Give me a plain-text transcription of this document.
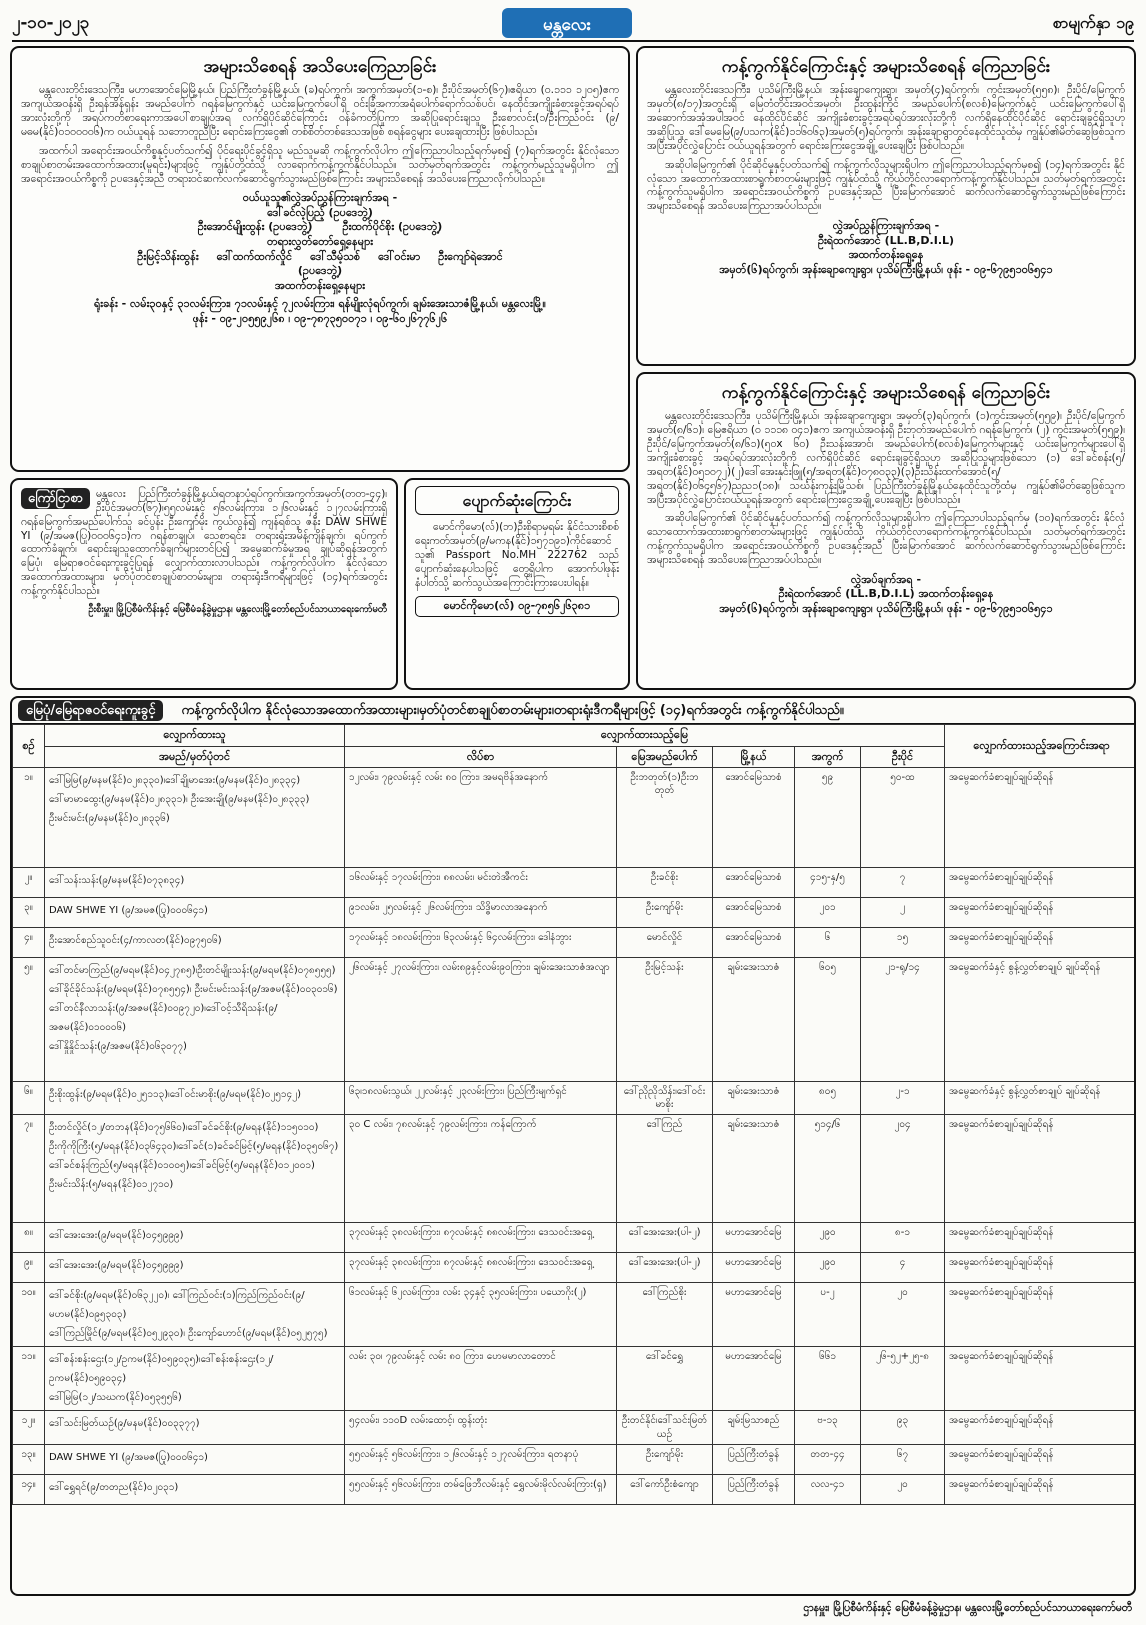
၂-၁၀-၂၀၂၃	မန္တလေး	စာမျက်နှာ ၁၉
အများသိစေရန် အသိပေးကြေညာခြင်း

မန္တလေးတိုင်းဒေသကြီး၊ မဟာအောင်မြေမြို့နယ်၊ ပြည်ကြီးတံခွန်မြို့နယ်၊ (ခ)ရပ်ကွက်၊ အကွက်အမှတ်(၁-စ)၊ ဦးပိုင်အမှတ်(၆၇)၊ဧရိယာ (၀.၁၁၁ ၁၂၀၅)ဧက အကျယ်အဝန်းရှိ ဦးရန်အိန်ရှန်း အမည်ပေါက် ဂရန်မြေကွက်နှင့် ယင်းမြေကွက်ပေါ်ရှိ ဝင်းခြံအကာအရံပေါက်ရောက်သစ်ပင်၊ နေထိုင်အကျိုးခံစားခွင့်အရပ်ရပ်အားလုံးတို့ကို အရပ်ကတိစာရေးကာအပေါ်စာချုပ်အရ လက်ရှိပိုင်ဆိုင်ကြောင်း ဝန်ခံကတိပြုကာ အဆိုပြုရောင်းချသူ ဦးစောလင်း(၁/ဦးကြည်ဝင်း (၉/မဓမ(နိုင်)၀၁၀၀၀၀၆)က ဝယ်ယူရန် သဘောတူညီပြီး ရောင်းကြေးငွေ၏ တစ်စိတ်တစ်ဒေသအဖြစ် စရန်ငွေများ ပေးချေထားပြီး ဖြစ်ပါသည်။

အထက်ပါ အရောင်းအဝယ်ကိစ္စနှင့်ပတ်သက်၍ ပိုင်ရေးပိုင်ခွင့်ရှိသူ မည်သူမဆို ကန့်ကွက်လိုပါက ဤကြေညာပါသည့်ရက်မှစ၍ (၇)ရက်အတွင်း နိုင်လုံသောစာချုပ်စာတမ်းအထောက်အထား(မူရင်း)များဖြင့် ကျွန်ုပ်တို့ထံသို့ လာရောက်ကန့်ကွက်နိုင်ပါသည်။ သတ်မှတ်ရက်အတွင်း ကန့်ကွက်မည့်သူမရှိပါက ဤအရောင်းအဝယ်ကိစ္စကို ဥပဒေနှင့်အညီ တရားဝင်ဆက်လက်ဆောင်ရွက်သွားမည်ဖြစ်ကြောင်း အများသိစေရန် အသိပေးကြေညာလိုက်ပါသည်။

ဝယ်ယူသူ၏လွှဲအပ်ညွှန်ကြားချက်အရ -
ဒေါ်ခင်လဲ့ပြည့် (ဥပဒေဘွဲ့)
ဦးအောင်မျိုးထွန်း (ဥပဒေဘွဲ့)	ဦးထက်ပိုင်စိုး (ဥပဒေဘွဲ့)
တရားလွှတ်တော်ရှေ့နေများ
ဦးမြင့်သိန်းထွန်း ဒေါ်ထက်ထက်လှိုင် ဒေါ်သီမ့်သစ် ဒေါ်ဝင်းမာ ဦးကျော်ရဲအောင်
(ဥပဒေဘွဲ့)
အထက်တန်းရှေ့နေများ
ရုံးခန်း - လမ်း၃၀နှင့် ၃၁လမ်းကြား၊ ၇၁လမ်းနှင့် ၇၂လမ်းကြား၊ ရန်မျိုးလုံရပ်ကွက်၊ ချမ်းအေးသာဇံမြို့နယ်၊ မန္တလေးမြို့။
ဖုန်း - ၀၉-၂၀၅၅၉၂၆၈ ၊ ၀၉-၇၈၇၃၅၀၀၇၁ ၊ ၀၉-၆၀၂၆၇၇၆၂၆
ကန့်ကွက်နိုင်ကြောင်းနှင့် အများသိစေရန် ကြေညာခြင်း

မန္တလေးတိုင်းဒေသကြီး၊ ပုသိမ်ကြီးမြို့နယ်၊ အုန်းချောကျေးရွာ၊ အမှတ်(၄)ရပ်ကွက်၊ ကွင်းအမှတ်(၅၅၈)၊ ဦးပိုင်/မြေကွက်အမှတ်(၈/၁၇)အတွင်းရှိ မြေတံတိုင်းအဝင်အမှတ်၊ ဦးထွန်းကြိုင် အမည်ပေါက်(စလစ်)မြေကွက်နှင့် ယင်းမြေကွက်ပေါ်ရှိ အဆောက်အအုံအပါအဝင် နေထိုင်ပိုင်ဆိုင် အကျိုးခံစားခွင့်အရပ်ရပ်အားလုံးတို့ကို လက်ရှိနေထိုင်ပိုင်ဆိုင် ရောင်းချခွင့်ရှိသူဟု အဆိုပြုသူ ဒေါ်မေမြေ(၉/ပသက(နိုင်)၁၁၆၀၆၃)အမှတ်(၅)ရပ်ကွက်၊ အုန်းချောရွာတွင်နေထိုင်သူထံမှ ကျွန်ုပ်၏မိတ်ဆွေဖြစ်သူက အပြီးအပိုင်လွှဲပြောင်း ဝယ်ယူရန်အတွက် ရောင်းကြေးငွေအချို့ ပေးချေပြီး ဖြစ်ပါသည်။

အဆိုပါမြေကွက်၏ ပိုင်ဆိုင်မှုနှင့်ပတ်သက်၍ ကန့်ကွက်လိုသူများရှိပါက ဤကြေညာပါသည့်ရက်မှစ၍ (၁၄)ရက်အတွင်း နိုင်လုံသော အထောက်အထားစာရွက်စာတမ်းများဖြင့် ကျွန်ုပ်ထံသို့ ကိုယ်တိုင်လာရောက်ကန့်ကွက်နိုင်ပါသည်။ သတ်မှတ်ရက်အတွင်း ကန့်ကွက်သူမရှိပါက အရောင်းအဝယ်ကိစ္စကို ဥပဒေနှင့်အညီ ပြီးမြောက်အောင် ဆက်လက်ဆောင်ရွက်သွားမည်ဖြစ်ကြောင်း အများသိစေရန် အသိပေးကြေညာအပ်ပါသည်။

လွှဲအပ်ညွှန်ကြားချက်အရ -
ဦးရဲထက်အောင် (LL.B,D.I.L)
အထက်တန်းရှေ့နေ
အမှတ်(၆)ရပ်ကွက်၊ အုန်းချောကျေးရွာ၊ ပုသိမ်ကြီးမြို့နယ်၊ ဖုန်း - ၀၉-၆၇၉၅၁၀၆၅၄၁
ကန့်ကွက်နိုင်ကြောင်းနှင့် အများသိစေရန် ကြေညာခြင်း

မန္တလေးတိုင်းဒေသကြီး၊ ပုသိမ်ကြီးမြို့နယ်၊ အုန်းချောကျေးရွာ၊ အမှတ်(၃)ရပ်ကွက်၊ (၁)ကွင်းအမှတ်(၅၅၉)၊ ဦးပိုင်/မြေကွက်အမှတ်(၈/၆၁)၊ မြေဧရိယာ (၀ ၁၁၁၈ ၀၄၁)ဧက အကျယ်အဝန်းရှိ ဦးဘုတ်အမည်ပေါက် ဂရန်မြေကွက်၊ (၂) ကွင်းအမှတ်(၅၅၉)၊ ဦးပိုင်/မြေကွက်အမှတ်(၈/၆၁)(၅၀x ၆၀) ဦးသန်းအောင်၊ အမည်ပေါက်(စလစ်)မြေကွက်များနှင့် ယင်းမြေကွက်များပေါ်ရှိ အကျိုးခံစားခွင့် အရပ်ရပ်အားလုံးတို့ကို လက်ရှိပိုင်ဆိုင် ရောင်းချခွင့်ရှိသူဟု အဆိုပြုသူများဖြစ်သော (၁) ဒေါ်ခင်စန်း(၅/အရတ(နိုင်)၀၅၁၀၇၂)(၂)ဒေါ်အေးနှင်းဖြူ(၅/အရတ(နိုင်)၀၇၈၀၃၃)(၃)ဦးသိန်းထက်အောင်(၅/အရတ(နိုင်)၀၆၄၅၆၇)ညည၁(၁၈)၊ သင်္ဃန်းကုန်းမြို့သစ်၊ ပြည်ကြီးတံခွန်မြို့နယ်နေထိုင်သူတို့ထံမှ ကျွန်ုပ်၏မိတ်ဆွေဖြစ်သူက အပြီးအပိုင်လွှဲပြောင်းဝယ်ယူရန်အတွက် ရောင်းကြေးငွေအချို့ ပေးချေပြီး ဖြစ်ပါသည်။

အဆိုပါမြေကွက်၏ ပိုင်ဆိုင်မှုနှင့်ပတ်သက်၍ ကန့်ကွက်လိုသူများရှိပါက ဤကြေညာပါသည့်ရက်မှ (၁၀)ရက်အတွင်း နိုင်လုံသောထောက်အထားစာရွက်စာတမ်းများဖြင့် ကျွန်ုပ်ထံသို့ ကိုယ်တိုင်လာရောက်ကန့်ကွက်နိုင်ပါသည်။ သတ်မှတ်ရက်အတွင်း ကန့်ကွက်သူမရှိပါက အရောင်းအဝယ်ကိစ္စကို ဥပဒေနှင့်အညီ ပြီးမြောက်အောင် ဆက်လက်ဆောင်ရွက်သွားမည်ဖြစ်ကြောင်း အများသိစေရန် အသိပေးကြေညာအပ်ပါသည်။

လွှဲအပ်ချက်အရ -
ဦးရဲထက်အောင် (LL.B,D.I.L) အထက်တန်းရှေ့နေ
အမှတ်(၆)ရပ်ကွက်၊ အုန်းချောကျေးရွာ၊ ပုသိမ်ကြီးမြို့နယ်၊ ဖုန်း - ၀၉-၆၇၉၅၁၀၆၅၄၁
ကြော်ငြာစာ	မန္တလေး ပြည်ကြီးတံခွန်မြို့နယ်၊ရတနာပုံရပ်ကွက်၊အကွက်အမှတ်(တတ-၄၄)၊ ဦးပိုင်အမှတ်(၆၇)၊၅၅လမ်းနှင့် ၅၆လမ်းကြား၊ ၁၂၆လမ်းနှင့် ၁၂၇လမ်းကြားရှိ ဂရန်မြေကွက်အမည်ပေါက်သူ ခင်ပွန်း ဦးကျော်မိုး ကွယ်လွန်၍ ကျန်ရစ်သူ ဇနီး DAW SHWE YI (၉/အမဇ(ပြု)၀၀၀၆၄၁)က ဂရန်စာချုပ်၊ သေစာရင်း၊ တရားရုံးအမိန့်ကျိန်ချက်၊ ရပ်ကွက်ထောက်ခံချက်၊ ရောင်းချသူထောက်ခံချက်များတင်ပြ၍ အမွေဆက်ခံမှုအရ ချုပ်ဆိုရန်အတွက် မြေပုံ၊ မြေရာဇဝင်ရေးကူးခွင့်ပြုရန် လျှောက်ထားလာပါသည်။ ကန့်ကွက်လိုပါက နိုင်လုံသော အထောက်အထားများ၊ မှတ်ပုံတင်စာချုပ်စာတမ်းများ၊ တရားရုံးဒီကရီများဖြင့် (၁၄)ရက်အတွင်း ကန့်ကွက်နိုင်ပါသည်။

ဦးစီးမှူး၊ မြို့ပြစီမံကိန်းနှင့် မြေစီမံခန့်ခွဲမှုဌာန၊ မန္တလေးမြို့တော်စည်ပင်သာယာရေးကော်မတီ
ပျောက်ဆုံးကြောင်း

မောင်ကိုမော(လ်)(ဘ)ဦးစိုရာမှရမ်း နိုင်ငံသားစိစစ်ရေးကတ်အမှတ်(၉/မကန(နိုင်)၁၅၇၁၉၁)ကိုင်ဆောင်သူ၏ Passport No.MH 222762 သည် ပျောက်ဆုံးနေပါသဖြင့် တွေ့ရှိပါက အောက်ပါဖုန်းနံပါတ်သို့ ဆက်သွယ်အကြောင်းကြားပေးပါရန်။

မောင်ကိုမော(လ်) ၀၉-၇၈၅၆၂၆၃၈၁
မြေပုံ/မြေရာဇဝင်ရေးကူးခွင့်	ကန့်ကွက်လိုပါက နိုင်လုံသောအထောက်အထားများ၊မှတ်ပုံတင်စာချုပ်စာတမ်းများ၊တရားရုံးဒီကရီများဖြင့် (၁၄)ရက်အတွင်း ကန့်ကွက်နိုင်ပါသည်။
စဉ်	လျှောက်ထားသူ	လျှောက်ထားသည့်မြေ					လျှောက်ထားသည့်အကြောင်းအရာ
	အမည်/မှတ်ပုံတင်	လိပ်စာ	မြေအမည်ပေါက်	မြို့နယ်	အကွက်	ဦးပိုင်	
၁။	ဒေါ်မြမြ(၉/မနမ(နိုင်)၀၂၈၃၃၀)၊ဒေါ်ချိုမာအေး(၉/မနမ(နိုင်)၀၂၈၃၃၄)
ဒေါ်မာမာထွေး(၉/မနမ(နိုင်)၀၂၈၃၃၁)၊ ဦးအေးချို(၉/မနမ(နိုင်)၀၂၈၃၃၃)
ဦးမင်းမင်း(၉/မနမ(နိုင်)၀၂၈၃၃၆)	၁၂လမ်း၊ ၇၉လမ်းနှင့် လမ်း ၈၀ ကြား၊ အမရဗိန်အနောက်	ဦးဘတုတ်(၁)ဦးဘတုတ်	အောင်မြေသာစံ	၅၉	၅၀-ထ	အမွေဆက်ခံစာချုပ်ချုပ်ဆိုရန်
၂။	ဒေါ်သန်းသန်း(၉/မနမ(နိုင်)၀၇၃၈၃၄)	၁၆လမ်းနှင့် ၁၇လမ်းကြား၊ ၈၈လမ်း၊ မင်းတဲအီကင်း	ဦးခင်စိုး	အောင်မြေသာစံ	၄၁၅-နှ/၅	၇	အမွေဆက်ခံစာချုပ်ချုပ်ဆိုရန်
၃။	DAW SHWE YI (၉/အမဇ(ပြု)၀၀၀၆၄၁)	၉၁လမ်း၊ ၂၅လမ်းနှင့် ၂၆လမ်းကြား၊ သိဒ္ဓိမာလာအနောက်	ဦးကျော်မိုး	အောင်မြေသာစံ	၂၀၁	၂	အမွေဆက်ခံစာချုပ်ချုပ်ဆိုရန်
၄။	ဦးအောင်စည်သူဝင်း(၄/ကာလတ(နိုင်)၀၉၇၅၀၆)	၁၇လမ်းနှင့် ၁၈လမ်းကြား၊ ၆၃လမ်းနှင့် ၆၄လမ်းကြား၊ ဒေါနံဘွား	မောင်လှိုင်	အောင်မြေသာစံ	၆	၁၅	အမွေဆက်ခံစာချုပ်ချုပ်ဆိုရန်
၅။	ဒေါ်တင်မာကြည်(၉/မရမ(နိုင်)၀၄၂၇၈၅)၊ဦးတင်မျိုးသန်း(၉/မရမ(နိုင်)၀၇၈၅၅၅)
ဒေါ်ခိုင်ခိုင်သန်း(၉/မရမ(နိုင်)၀၇၈၅၅၄)၊ ဦးမင်းမင်းသန်း(၉/အဇမ(နိုင်)၀၀၃၀၁၆)
ဒေါ်တင်နီလာသန်း(၉/အဇမ(နိုင်)၀၀၉၇၂၀)၊ဒေါ်ဝင့်သီရိသန်း(၉/အဇမ(နိုင်)၀၁၀၀၀၆)
ဒေါ်နှိုနှိုင်သန်း(၉/အဇမ(နိုင်)၀၆၃၀၇၇)	၂၆လမ်းနှင့် ၂၇လမ်းကြား၊ လမ်း၈၉နှင့်လမ်း၉၀ကြား၊ ချမ်းအေးသာဇံအလျာ	ဦးမြင့်သန်း	ချမ်းအေးသာဇံ	၆၀၅	၂၁-ရု/၁၄	အမွေဆက်ခံနှင့် စွန့်လွှတ်စာချုပ် ချုပ်ဆိုရန်
၆။	ဦးစိုးထွန်း(၉/မရမ(နိုင်)၀၂၅၁၁၃)၊ဒေါ်ဝင်းမာစိုး(၉/မရမ(နိုင်)၀၂၅၁၄၂)	၆၃၊၁၈လမ်းသွယ်၊ ၂၂လမ်းနှင့် ၂၃လမ်းကြား၊ ပြည်ကြီးမျက်ရှင်	ဒေါ်ညိုညိုသိန်း၊ဒေါ်ဝင်းမာစိုး	ချမ်းအေးသာဇံ	၈၀၅	၂-၁	အမွေဆက်ခံနှင့် စွန့်လွှတ်စာချုပ် ချုပ်ဆိုရန်
၇။	ဦးတင်လှိုင်(၁၂/တဘန(နိုင်)၀၇၅၆၆၀)၊ဒေါ်ခင်ခင်စိုး(၉/မရန(နိုင်)၁၁၅၀၁၀)
ဦးကိုကိုကြီး(၅/မရန(နိုင်)၀၃၆၄၃၀)၊ဒေါ်ခင်(၁)ခင်ခင်မြင့်(၅/မရန(နိုင်)၀၃၅၀၆၇)
ဒေါ်ခင်စန်းကြည်(၅/မရန(နိုင်)၀၁၀၀၅)၊ဒေါ်ခင်မြင့်(၅/မရန(နိုင်)၀၁၂၀၀၁)
ဦးမင်းသိန်း(၅/မရန(နိုင်)၀၁၂၇၁၀)	၃၀ C လမ်း၊ ၇၈လမ်းနှင့် ၇၉လမ်းကြား၊ ကန်ကြောက်	ဒေါ်ကြည်	ချမ်းအေးသာဇံ	၅၁၄/၆	၂၀၄	အမွေဆက်ခံစာချုပ်ချုပ်ဆိုရန်
၈။	ဒေါ်အေးအေး(၉/မရမ(နိုင်)၀၄၅၉၉၉)	၃၇လမ်းနှင့် ၃၈လမ်းကြား၊ ၈၇လမ်းနှင့် ၈၈လမ်းကြား၊ ဒေသဝင်းအရှေ့	ဒေါ်အေးအေး(ပါ-၂)	မဟာအောင်မြေ	၂၉၀	၈-၁	အမွေဆက်ခံစာချုပ်ချုပ်ဆိုရန်
၉။	ဒေါ်အေးအေး(၉/မရမ(နိုင်)၀၄၅၉၉၉)	၃၇လမ်းနှင့် ၃၈လမ်းကြား၊ ၈၇လမ်းနှင့် ၈၈လမ်းကြား၊ ဒေသဝင်းအရှေ့	ဒေါ်အေးအေး(ပါ-၂)	မဟာအောင်မြေ	၂၉၀	၄	အမွေဆက်ခံစာချုပ်ချုပ်ဆိုရန်
၁၀။	ဒေါ်ခင်စိုး(၉/မရမ(နိုင်)၀၆၃၂၂၀)၊ ဒေါ်ကြည်ဝင်း(၁)ကြည်ကြည်ဝင်း(၉/မဟမ(နိုင်)၀၉၅၃၀၃)
ဒေါ်ကြည်မြိုင်(၉/မရမ(နိုင်)၀၅၂၉၃၀)၊ ဦးကျော်ဟောင်(၉/မရမ(နိုင်)၀၅၂၅၇၅)	၆၁လမ်းနှင့် ၆၂လမ်းကြား၊ လမ်း ၃၄နှင့် ၃၅လမ်းကြား၊ ပယောဂိုး(၂)	ဒေါ်ကြည်စိုး	မဟာအောင်မြေ	ပ-၂	၂၀	အမွေဆက်ခံစာချုပ်ချုပ်ဆိုရန်
၁၁။	ဒေါ်စန်းစန်းဌေး(၁၂/ဥကမ(နိုင်)၀၅၉၀၃၅)၊ဒေါ်စန်းစန်းဌေး(၁၂/ဥကမ(နိုင်)၀၅၉၀၃၄)
ဒေါ်မြမြ(၁၂/သဃက(နိုင်)၀၅၃၅၅၆)	လမ်း ၃၀၊ ၇၉လမ်းနှင့် လမ်း ၈၀ ကြား၊ ဟေမမာလာတောင်	ဒေါ်ခင်ရွှေ	မဟာအောင်မြေ	၆၆၁	၂၆-၅၂+၂၅-၈	အမွေဆက်ခံစာချုပ်ချုပ်ဆိုရန်
၁၂။	ဒေါ်သင်းမြတ်ယဉ်(၉/မနမ(နိုင်)၀၀၃၃၇၇)	၅၄လမ်း၊ ၁၁၀D လမ်းထောင့်၊ ထွန်းတုံး	ဦးတင်နိုင်၊ဒေါ်သင်းမြတ်ယဉ်	ချမ်းမြသာစည်	ဗ-၁၃	၉၃	အမွေဆက်ခံစာချုပ်ချုပ်ဆိုရန်
၁၃။	DAW SHWE YI (၉/အမဇ(ပြု)၀၀၀၆၄၁)	၅၅လမ်းနှင့် ၅၆လမ်းကြား၊ ၁၂၆လမ်းနှင့် ၁၂၇လမ်းကြား၊ ရတနာပုံ	ဦးကျော်မိုး	ပြည်ကြီးတံခွန်	တတ-၄၄	၆၇	အမွေဆက်ခံစာချုပ်ချုပ်ဆိုရန်
၁၄။	ဒေါ်ရွှေရင်(၉/တတည(နိုင်)၀၂၀၃၁)	၅၅လမ်းနှင့် ၅၆လမ်းကြား၊ တမ်ဖြေဘီလမ်းနှင့် ရွှေလမ်းမိုလ်လမ်းကြား(ရှ)	ဒေါ်ကော်ဦးစံကျော	ပြည်ကြီးတံခွန်	လလ-၄၁	၂၀	အမွေဆက်ခံစာချုပ်ချုပ်ဆိုရန်
ဌာနမှူး၊ မြို့ပြစီမံကိန်းနှင့် မြေစီမံခန့်ခွဲမှုဌာန၊ မန္တလေးမြို့တော်စည်ပင်သာယာရေးကော်မတီ
